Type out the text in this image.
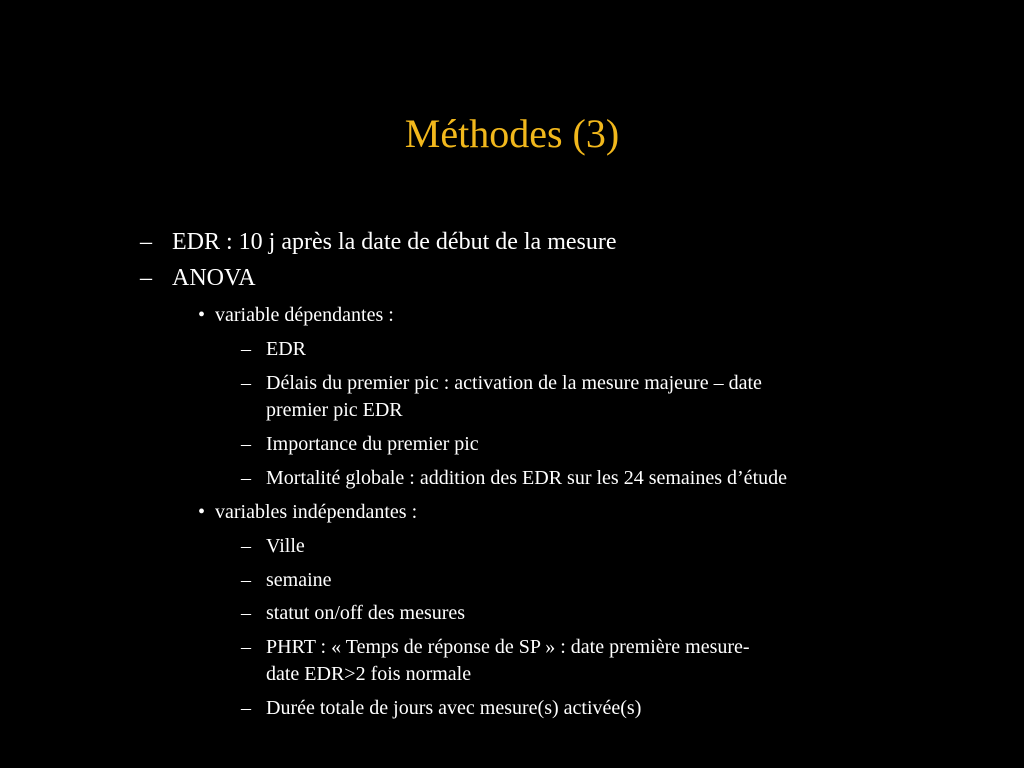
Méthodes (3)
– EDR : 10 j après la date de début de la mesure
– ANOVA
• variable dépendantes :
– EDR
– Délais du premier pic : activation de la mesure majeure – date
premier pic EDR
– Importance du premier pic
– Mortalité globale : addition des EDR sur les 24 semaines d’étude
• variables indépendantes :
– Ville
– semaine
– statut on/off des mesures
– PHRT : « Temps de réponse de SP » : date première mesure-
date EDR>2 fois normale
– Durée totale de jours avec mesure(s) activée(s)
